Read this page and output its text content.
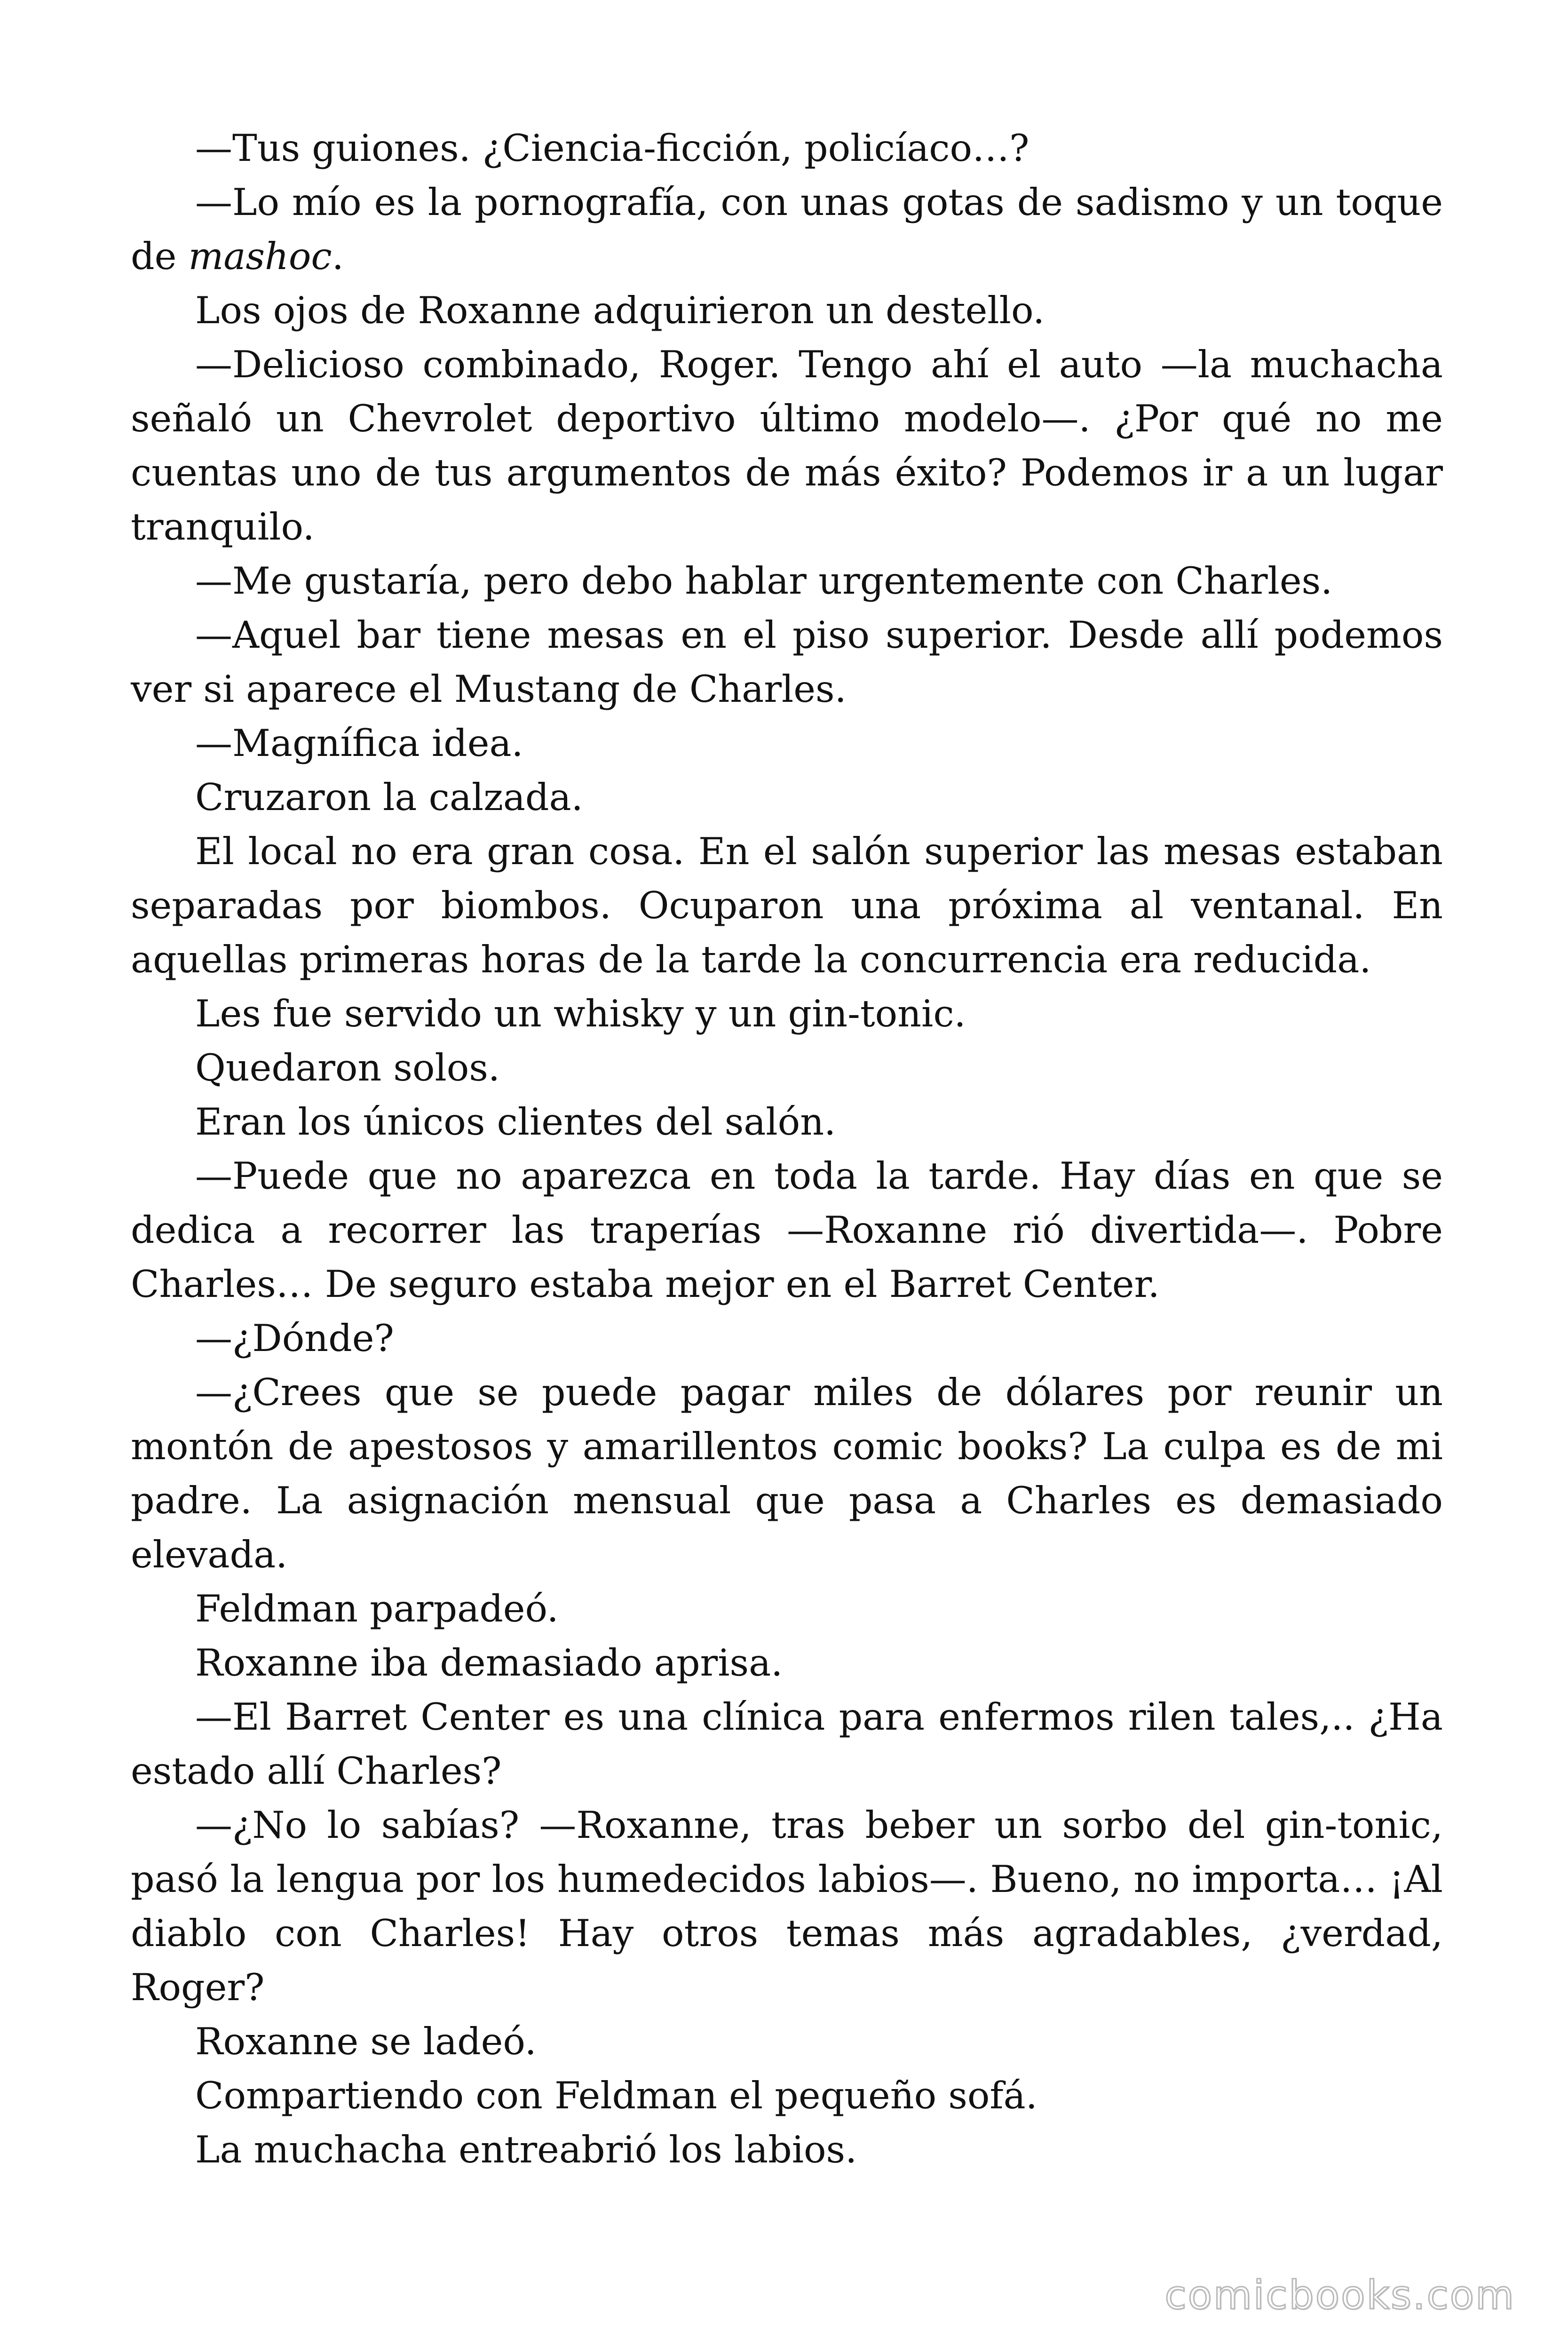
—Tus guiones. ¿Ciencia-ficción, policíaco…?

—Lo mío es la pornografía, con unas gotas de sadismo y un toque de mashoc.

Los ojos de Roxanne adquirieron un destello.

—Delicioso combinado, Roger. Tengo ahí el auto —la muchacha señaló un Chevrolet deportivo último modelo—. ¿Por qué no me cuentas uno de tus argumentos de más éxito? Podemos ir a un lugar tranquilo.

—Me gustaría, pero debo hablar urgentemente con Charles.

—Aquel bar tiene mesas en el piso superior. Desde allí podemos ver si aparece el Mustang de Charles.

—Magnífica idea.

Cruzaron la calzada.

El local no era gran cosa. En el salón superior las mesas estaban separadas por biombos. Ocuparon una próxima al ventanal. En aquellas primeras horas de la tarde la concurrencia era reducida.

Les fue servido un whisky y un gin-tonic.

Quedaron solos.

Eran los únicos clientes del salón.

—Puede que no aparezca en toda la tarde. Hay días en que se dedica a recorrer las traperías —Roxanne rió divertida—. Pobre Charles… De seguro estaba mejor en el Barret Center.

—¿Dónde?

—¿Crees que se puede pagar miles de dólares por reunir un montón de apestosos y amarillentos comic books? La culpa es de mi padre. La asignación mensual que pasa a Charles es demasiado elevada.

Feldman parpadeó.

Roxanne iba demasiado aprisa.

—El Barret Center es una clínica para enfermos rilen tales,.. ¿Ha estado allí Charles?

—¿No lo sabías? —Roxanne, tras beber un sorbo del gin-tonic, pasó la lengua por los humedecidos labios—. Bueno, no importa… ¡Al diablo con Charles! Hay otros temas más agradables, ¿verdad, Roger?

Roxanne se ladeó.

Compartiendo con Feldman el pequeño sofá.

La muchacha entreabrió los labios.

comicbooks.com
